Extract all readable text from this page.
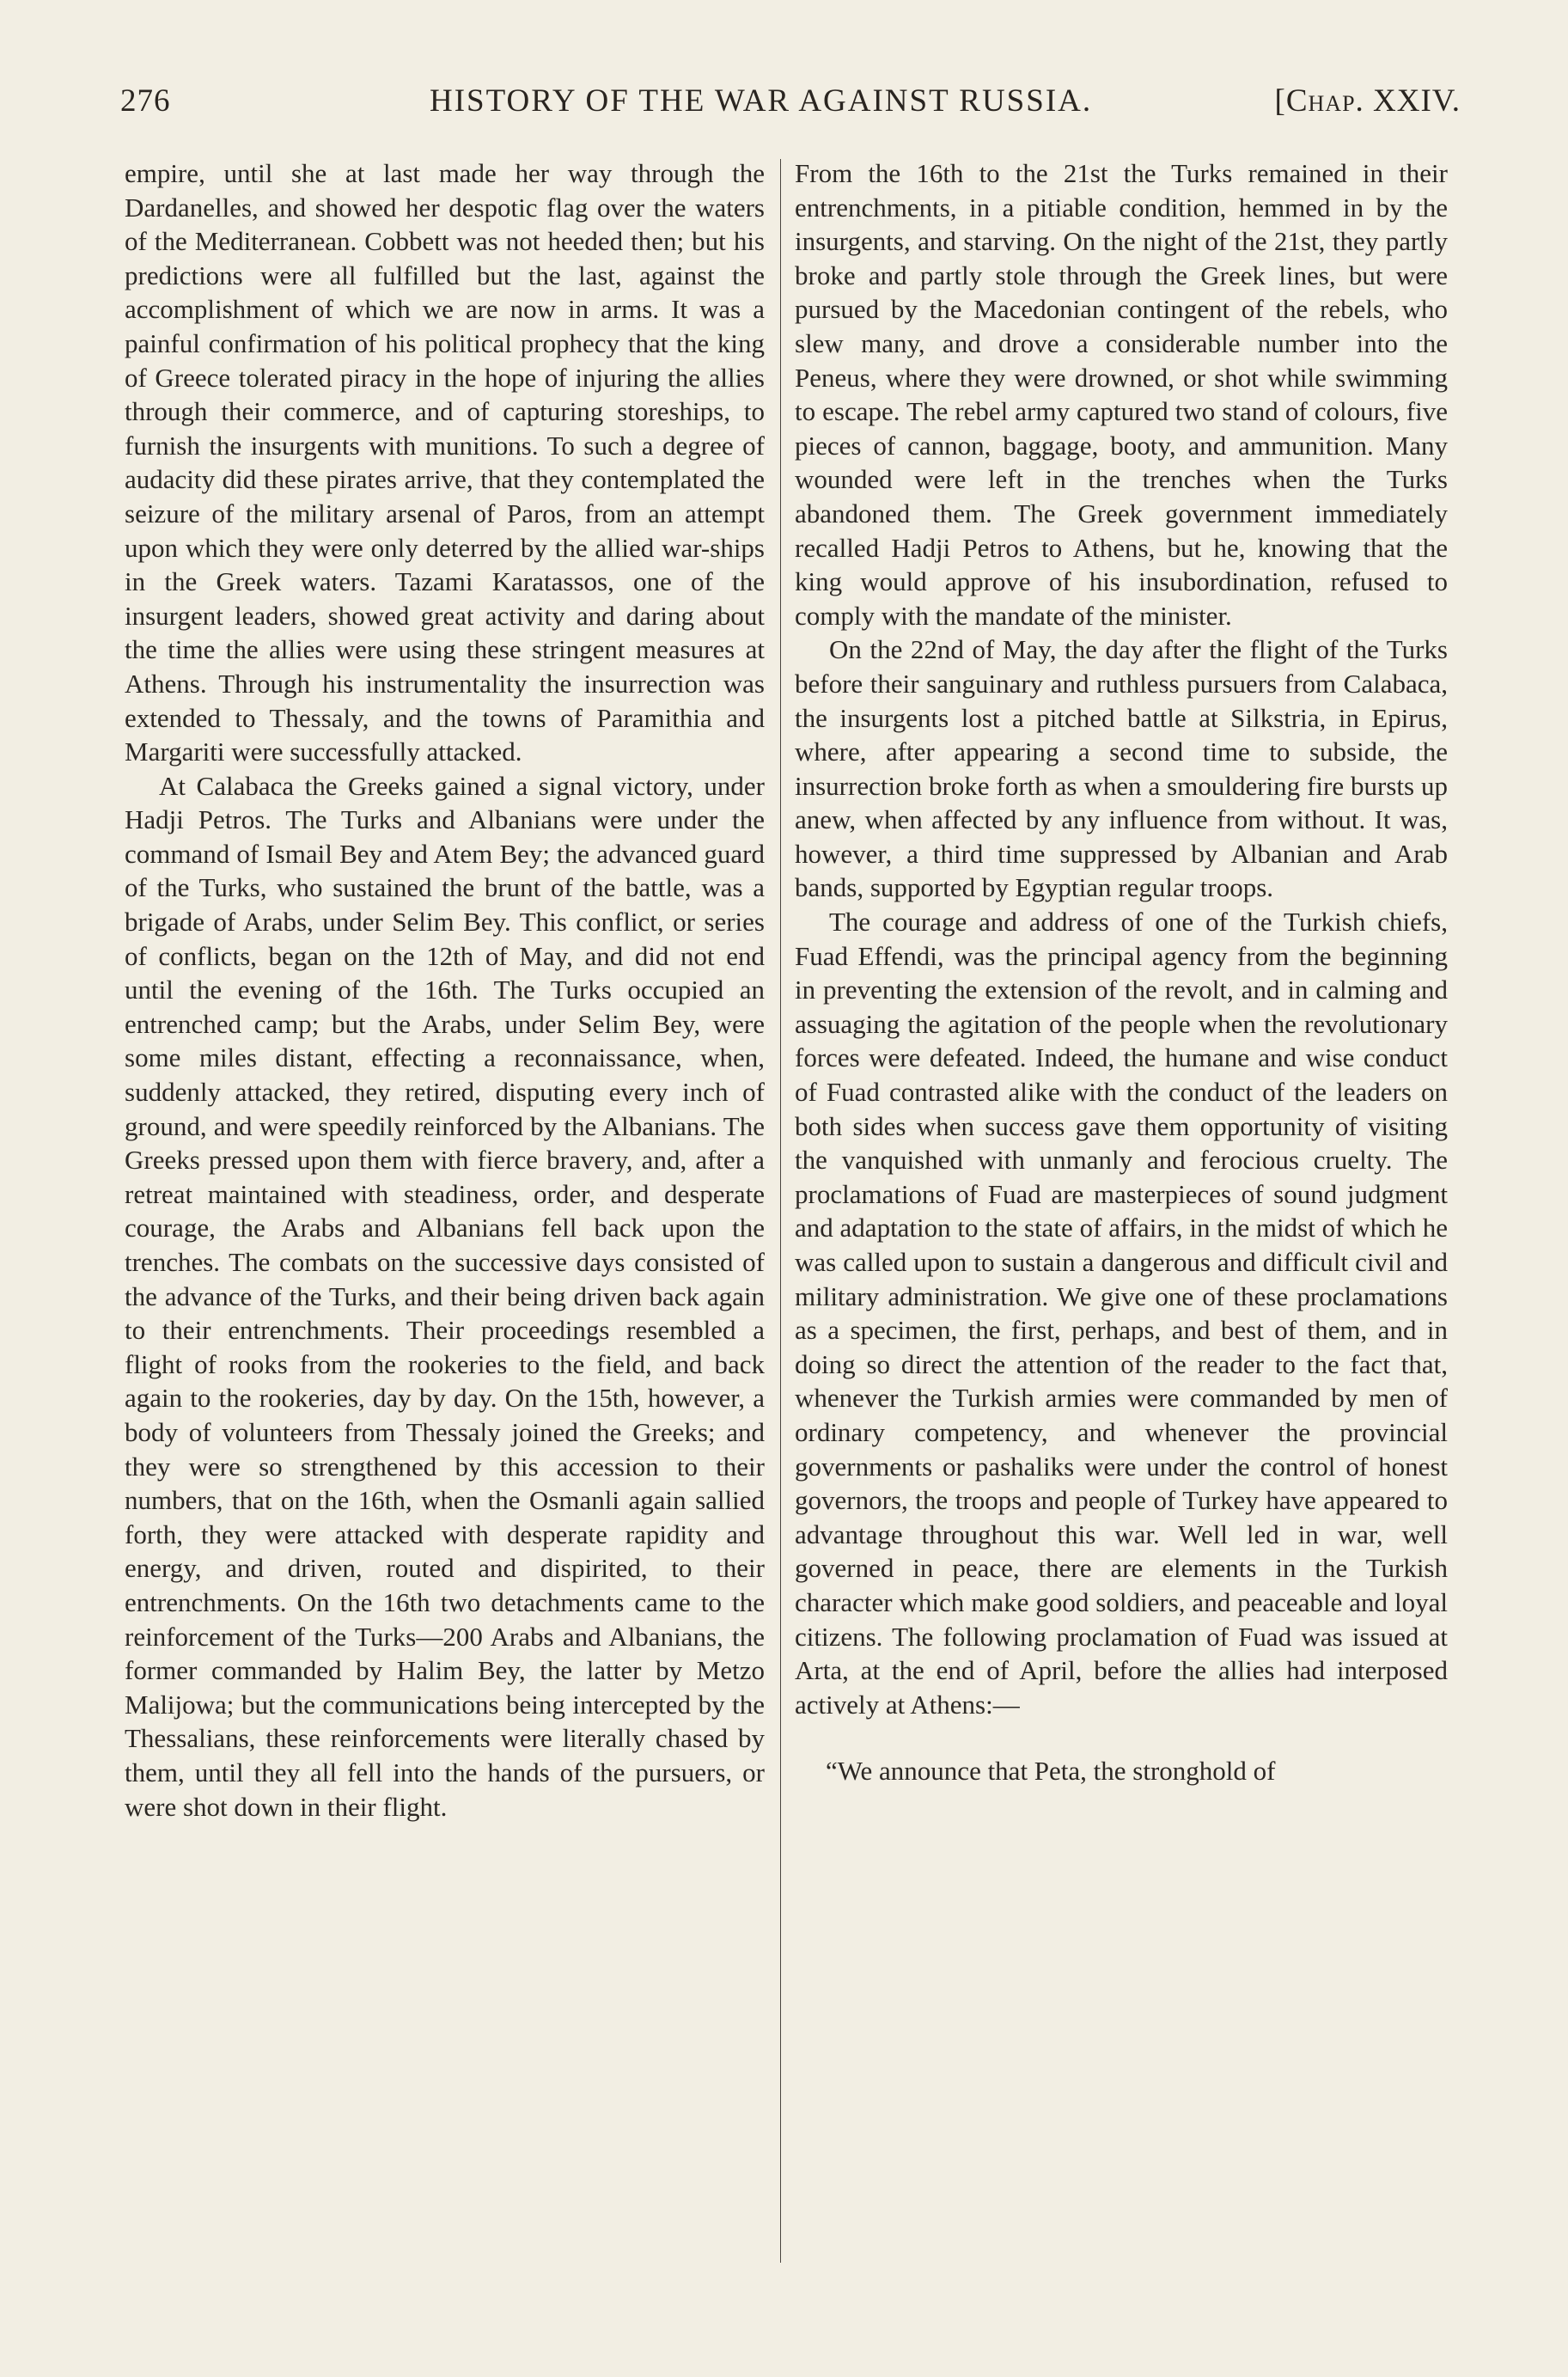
276	HISTORY OF THE WAR AGAINST RUSSIA.	[Chap. XXIV.

empire, until she at last made her way through the Dardanelles, and showed her despotic flag over the waters of the Mediterranean. Cobbett was not heeded then; but his predictions were all fulfilled but the last, against the accomplishment of which we are now in arms. It was a painful confirmation of his political prophecy that the king of Greece tolerated piracy in the hope of injuring the allies through their commerce, and of capturing storeships, to furnish the insurgents with munitions. To such a degree of audacity did these pirates arrive, that they contemplated the seizure of the military arsenal of Paros, from an attempt upon which they were only deterred by the allied war-ships in the Greek waters. Tazami Karatassos, one of the insurgent leaders, showed great activity and daring about the time the allies were using these stringent measures at Athens. Through his instrumentality the insurrection was extended to Thessaly, and the towns of Paramithia and Margariti were successfully attacked.

At Calabaca the Greeks gained a signal victory, under Hadji Petros. The Turks and Albanians were under the command of Ismail Bey and Atem Bey; the advanced guard of the Turks, who sustained the brunt of the battle, was a brigade of Arabs, under Selim Bey. This conflict, or series of conflicts, began on the 12th of May, and did not end until the evening of the 16th. The Turks occupied an entrenched camp; but the Arabs, under Selim Bey, were some miles distant, effecting a reconnaissance, when, suddenly attacked, they retired, disputing every inch of ground, and were speedily reinforced by the Albanians. The Greeks pressed upon them with fierce bravery, and, after a retreat maintained with steadiness, order, and desperate courage, the Arabs and Albanians fell back upon the trenches. The combats on the successive days consisted of the advance of the Turks, and their being driven back again to their entrenchments. Their proceedings resembled a flight of rooks from the rookeries to the field, and back again to the rookeries, day by day. On the 15th, however, a body of volunteers from Thessaly joined the Greeks; and they were so strengthened by this accession to their numbers, that on the 16th, when the Osmanli again sallied forth, they were attacked with desperate rapidity and energy, and driven, routed and dispirited, to their entrenchments. On the 16th two detachments came to the reinforcement of the Turks—200 Arabs and Albanians, the former commanded by Halim Bey, the latter by Metzo Malijowa; but the communications being intercepted by the Thessalians, these reinforcements were literally chased by them, until they all fell into the hands of the pursuers, or were shot down in their flight.

From the 16th to the 21st the Turks remained in their entrenchments, in a pitiable condition, hemmed in by the insurgents, and starving. On the night of the 21st, they partly broke and partly stole through the Greek lines, but were pursued by the Macedonian contingent of the rebels, who slew many, and drove a considerable number into the Peneus, where they were drowned, or shot while swimming to escape. The rebel army captured two stand of colours, five pieces of cannon, baggage, booty, and ammunition. Many wounded were left in the trenches when the Turks abandoned them. The Greek government immediately recalled Hadji Petros to Athens, but he, knowing that the king would approve of his insubordination, refused to comply with the mandate of the minister.

On the 22nd of May, the day after the flight of the Turks before their sanguinary and ruthless pursuers from Calabaca, the insurgents lost a pitched battle at Silkstria, in Epirus, where, after appearing a second time to subside, the insurrection broke forth as when a smouldering fire bursts up anew, when affected by any influence from without. It was, however, a third time suppressed by Albanian and Arab bands, supported by Egyptian regular troops.

The courage and address of one of the Turkish chiefs, Fuad Effendi, was the principal agency from the beginning in preventing the extension of the revolt, and in calming and assuaging the agitation of the people when the revolutionary forces were defeated. Indeed, the humane and wise conduct of Fuad contrasted alike with the conduct of the leaders on both sides when success gave them opportunity of visiting the vanquished with unmanly and ferocious cruelty. The proclamations of Fuad are masterpieces of sound judgment and adaptation to the state of affairs, in the midst of which he was called upon to sustain a dangerous and difficult civil and military administration. We give one of these proclamations as a specimen, the first, perhaps, and best of them, and in doing so direct the attention of the reader to the fact that, whenever the Turkish armies were commanded by men of ordinary competency, and whenever the provincial governments or pashaliks were under the control of honest governors, the troops and people of Turkey have appeared to advantage throughout this war. Well led in war, well governed in peace, there are elements in the Turkish character which make good soldiers, and peaceable and loyal citizens. The following proclamation of Fuad was issued at Arta, at the end of April, before the allies had interposed actively at Athens:—

“We announce that Peta, the stronghold of
